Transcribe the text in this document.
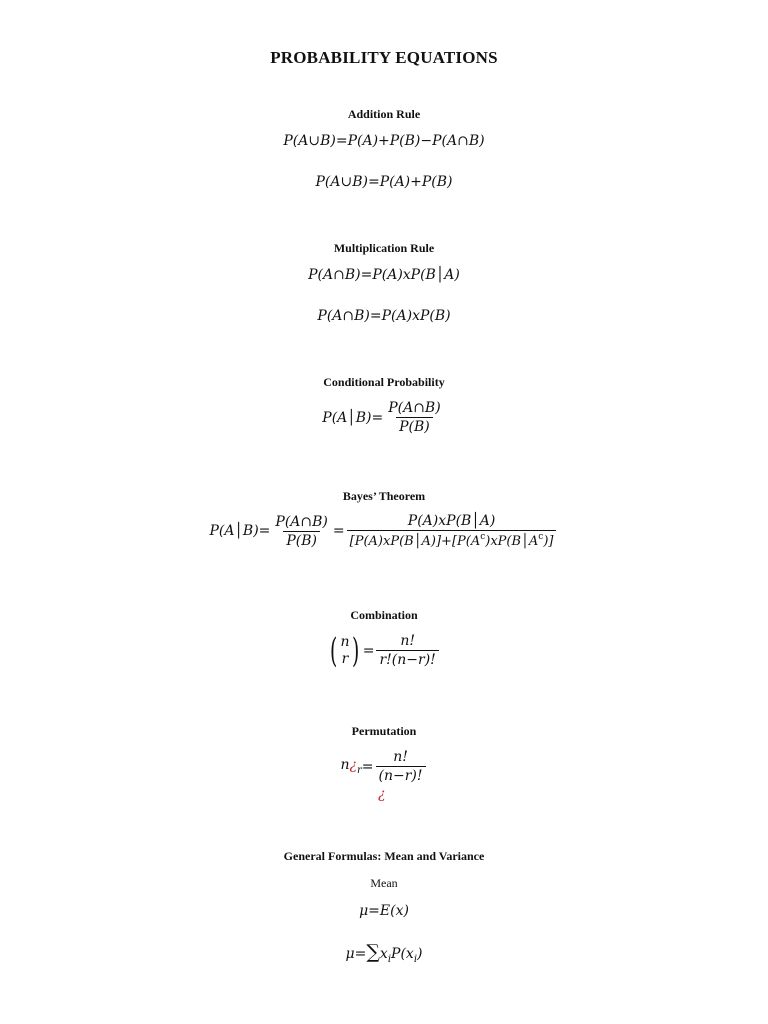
PROBABILITY EQUATIONS
Addition Rule
P(A∪B)=P(A)+P(B)−P(A∩B)
P(A∪B)=P(A)+P(B)
Multiplication Rule
P(A∩B)=P(A)xP(B│A)
P(A∩B)=P(A)xP(B)
Conditional Probability
P(A│B)= $\frac{P(A\cap B)}{P(B)}$
Bayes’ Theorem
P(A│B)= $\frac{P(A\cap B)}{P(B)} = \frac{P(A)xP(B│A)}{[P(A)xP(B│A)]+[P(A^c)xP(B│A^c)]}$
Combination
( n
r ) = $\frac{n!}{r!(n-r)!}$
Permutation
$n¿_r = \frac{n!}{(n-r)!}$
¿
General Formulas: Mean and Variance
Mean
μ=E(x)
$\mu=\sum x_iP(x_i)$
